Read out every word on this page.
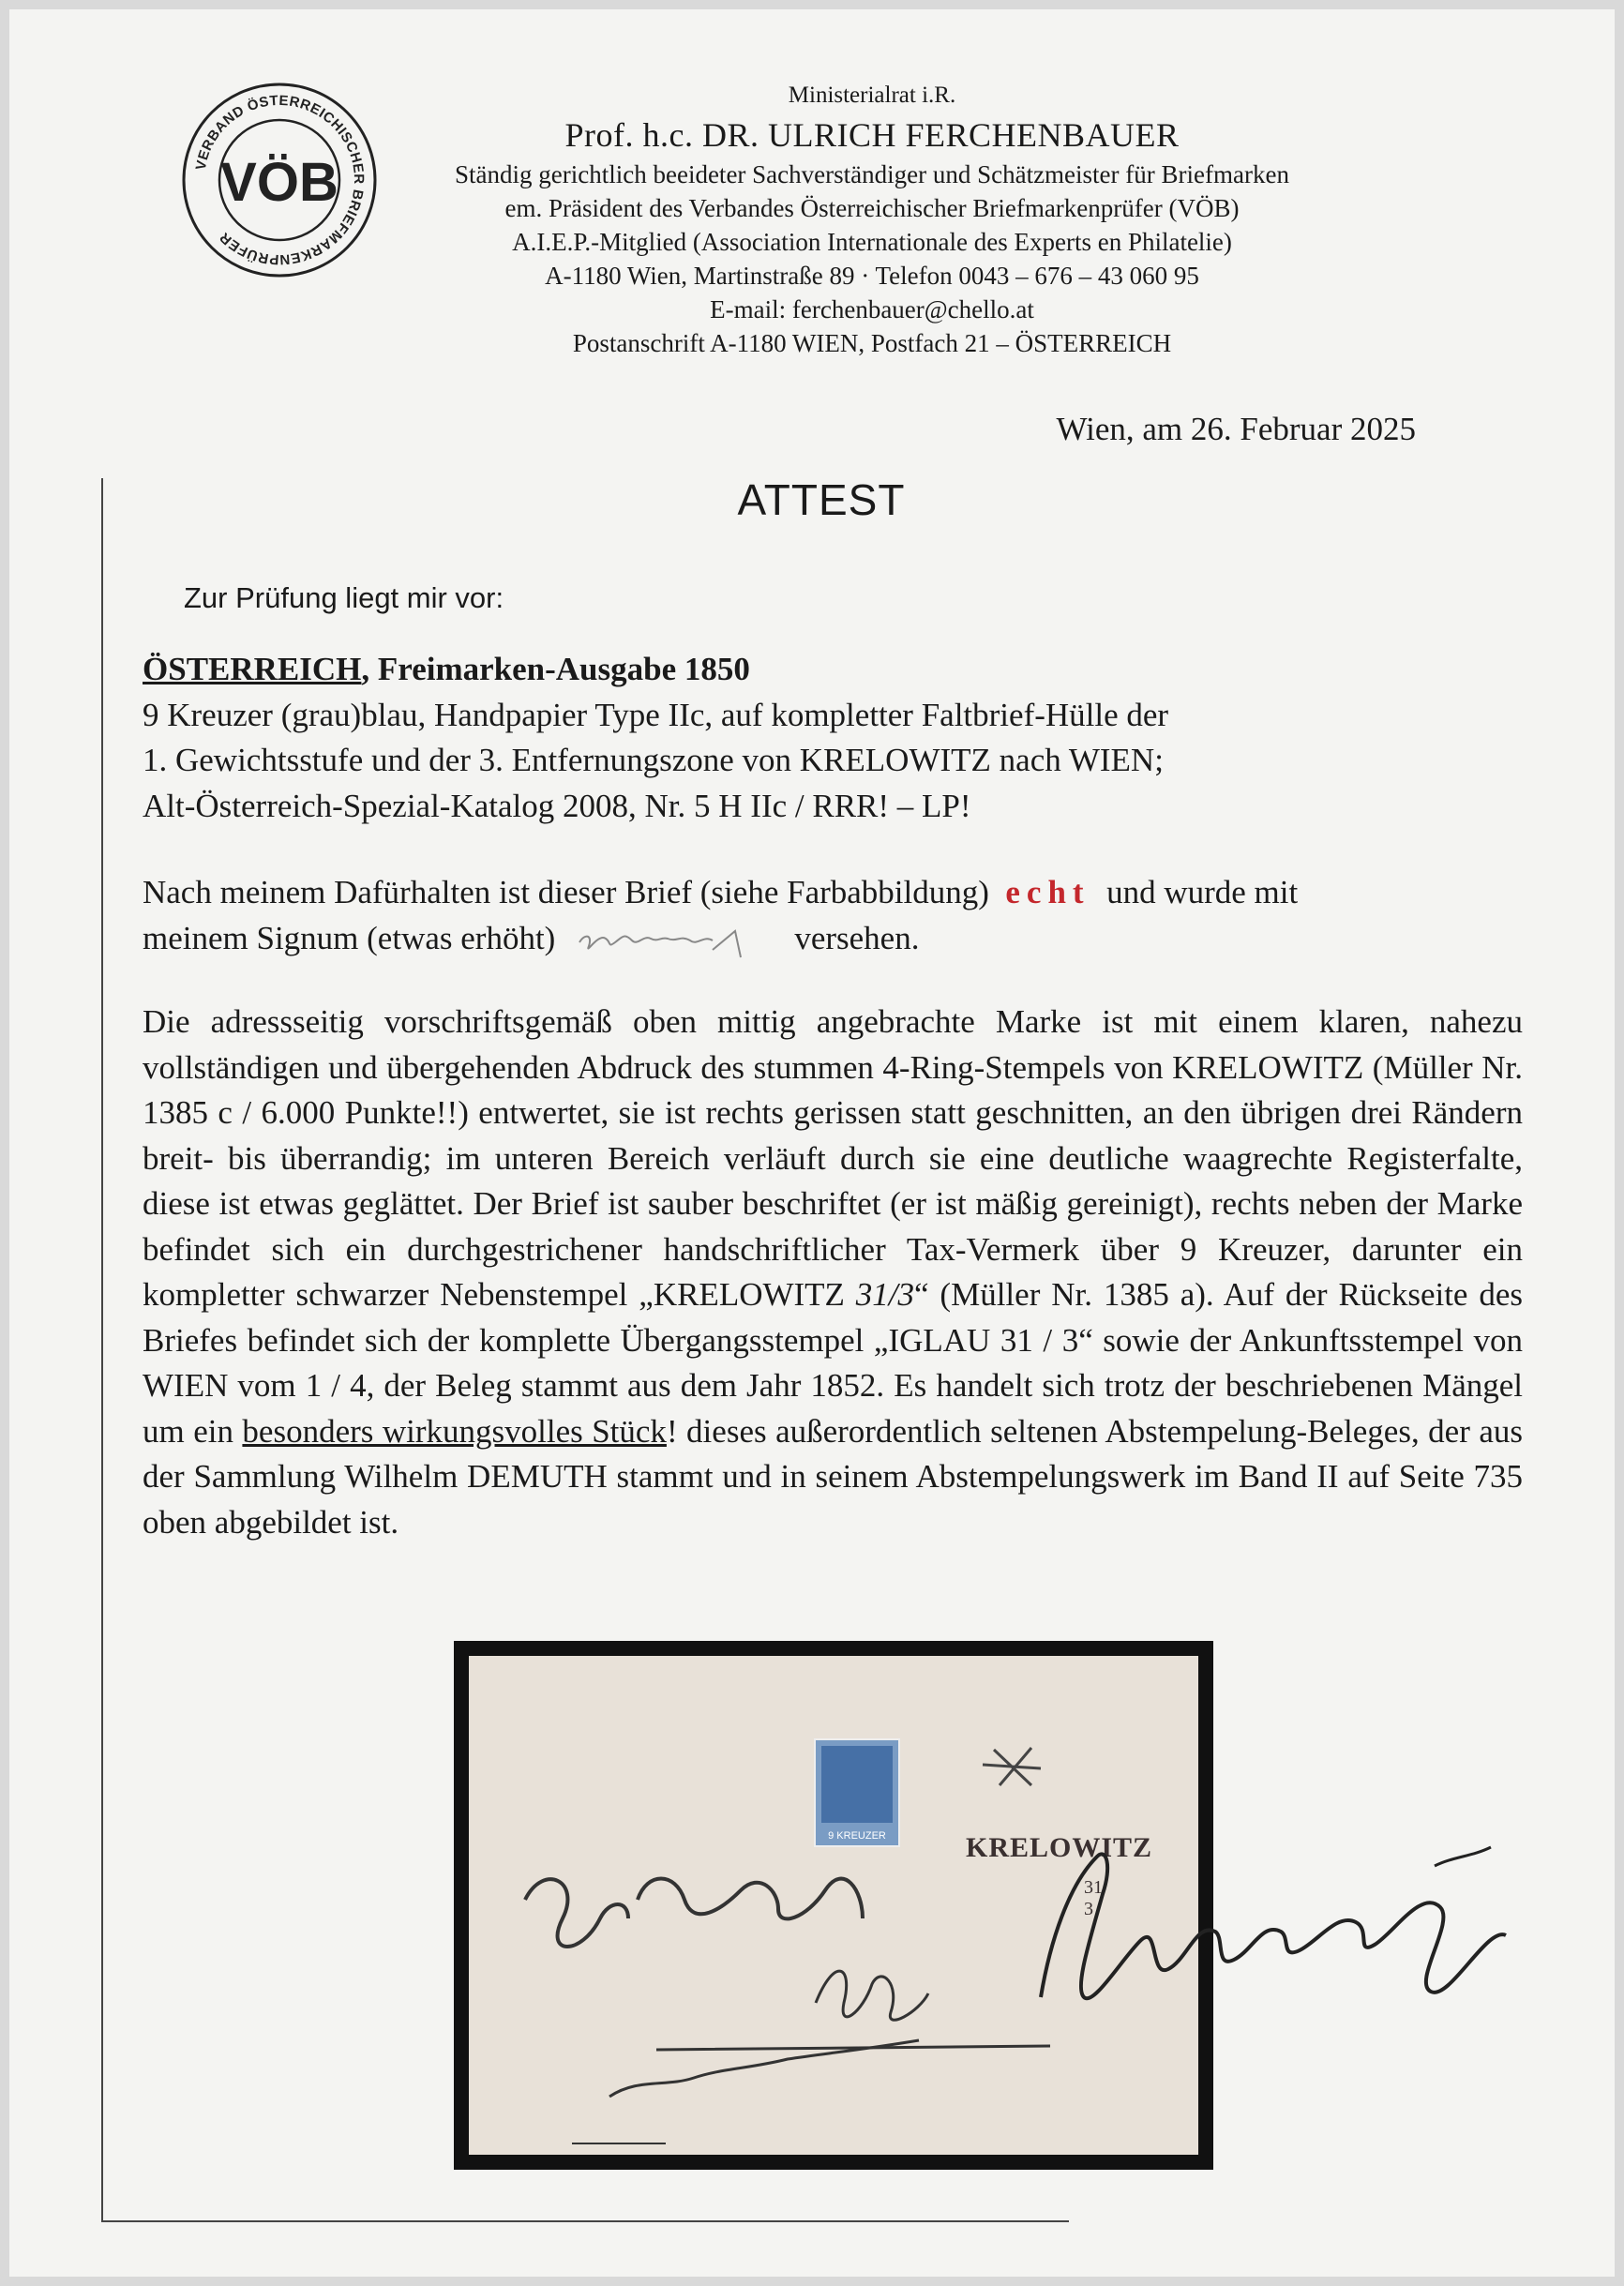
VERBAND ÖSTERREICHISCHER BRIEFMARKENPRÜFER
VÖB
Ministerialrat i.R.
Prof. h.c. DR. ULRICH FERCHENBAUER
Ständig gerichtlich beeideter Sachverständiger und Schätzmeister für Briefmarken
em. Präsident des Verbandes Österreichischer Briefmarkenprüfer (VÖB)
A.I.E.P.-Mitglied (Association Internationale des Experts en Philatelie)
A-1180 Wien, Martinstraße 89 · Telefon 0043 – 676 – 43 060 95
E-mail: ferchenbauer@chello.at
Postanschrift A-1180 WIEN, Postfach 21 – ÖSTERREICH
Wien, am 26. Februar 2025
ATTEST
Zur Prüfung liegt mir vor:

ÖSTERREICH, Freimarken-Ausgabe 1850

9 Kreuzer (grau)blau, Handpapier Type IIc, auf kompletter Faltbrief-Hülle der

1. Gewichtsstufe und der 3. Entfernungszone von KRELOWITZ nach WIEN;

Alt-Österreich-Spezial-Katalog 2008, Nr. 5 H IIc / RRR! – LP!

Nach meinem Dafürhalten ist dieser Brief (siehe Farbabbildung) echt und wurde mit

meinem Signum (etwas erhöht)	versehen.

Die adressseitig vorschriftsgemäß oben mittig angebrachte Marke ist mit einem klaren, nahezu vollständigen und übergehenden Abdruck des stummen 4-Ring-Stempels von KRELOWITZ (Müller Nr. 1385 c / 6.000 Punkte!!) entwertet, sie ist rechts gerissen statt geschnitten, an den übrigen drei Rändern breit- bis überrandig; im unteren Bereich verläuft durch sie eine deutliche waagrechte Registerfalte, diese ist etwas geglättet. Der Brief ist sauber beschriftet (er ist mäßig gereinigt), rechts neben der Marke befindet sich ein durchgestrichener handschriftlicher Tax-Vermerk über 9 Kreuzer, darunter ein kompletter schwarzer Nebenstempel „KRELOWITZ 31/3“ (Müller Nr. 1385 a). Auf der Rückseite des Briefes befindet sich der komplette Übergangsstempel „IGLAU 31 / 3“ sowie der Ankunftsstempel von WIEN vom 1 / 4, der Beleg stammt aus dem Jahr 1852. Es handelt sich trotz der beschriebenen Mängel um ein besonders wirkungsvolles Stück! dieses außerordentlich seltenen Abstempelung-Beleges, der aus der Sammlung Wilhelm DEMUTH stammt und in seinem Abstempelungswerk im Band II auf Seite 735 oben abgebildet ist.

9 KREUZER	KRELOWITZ
31
3
